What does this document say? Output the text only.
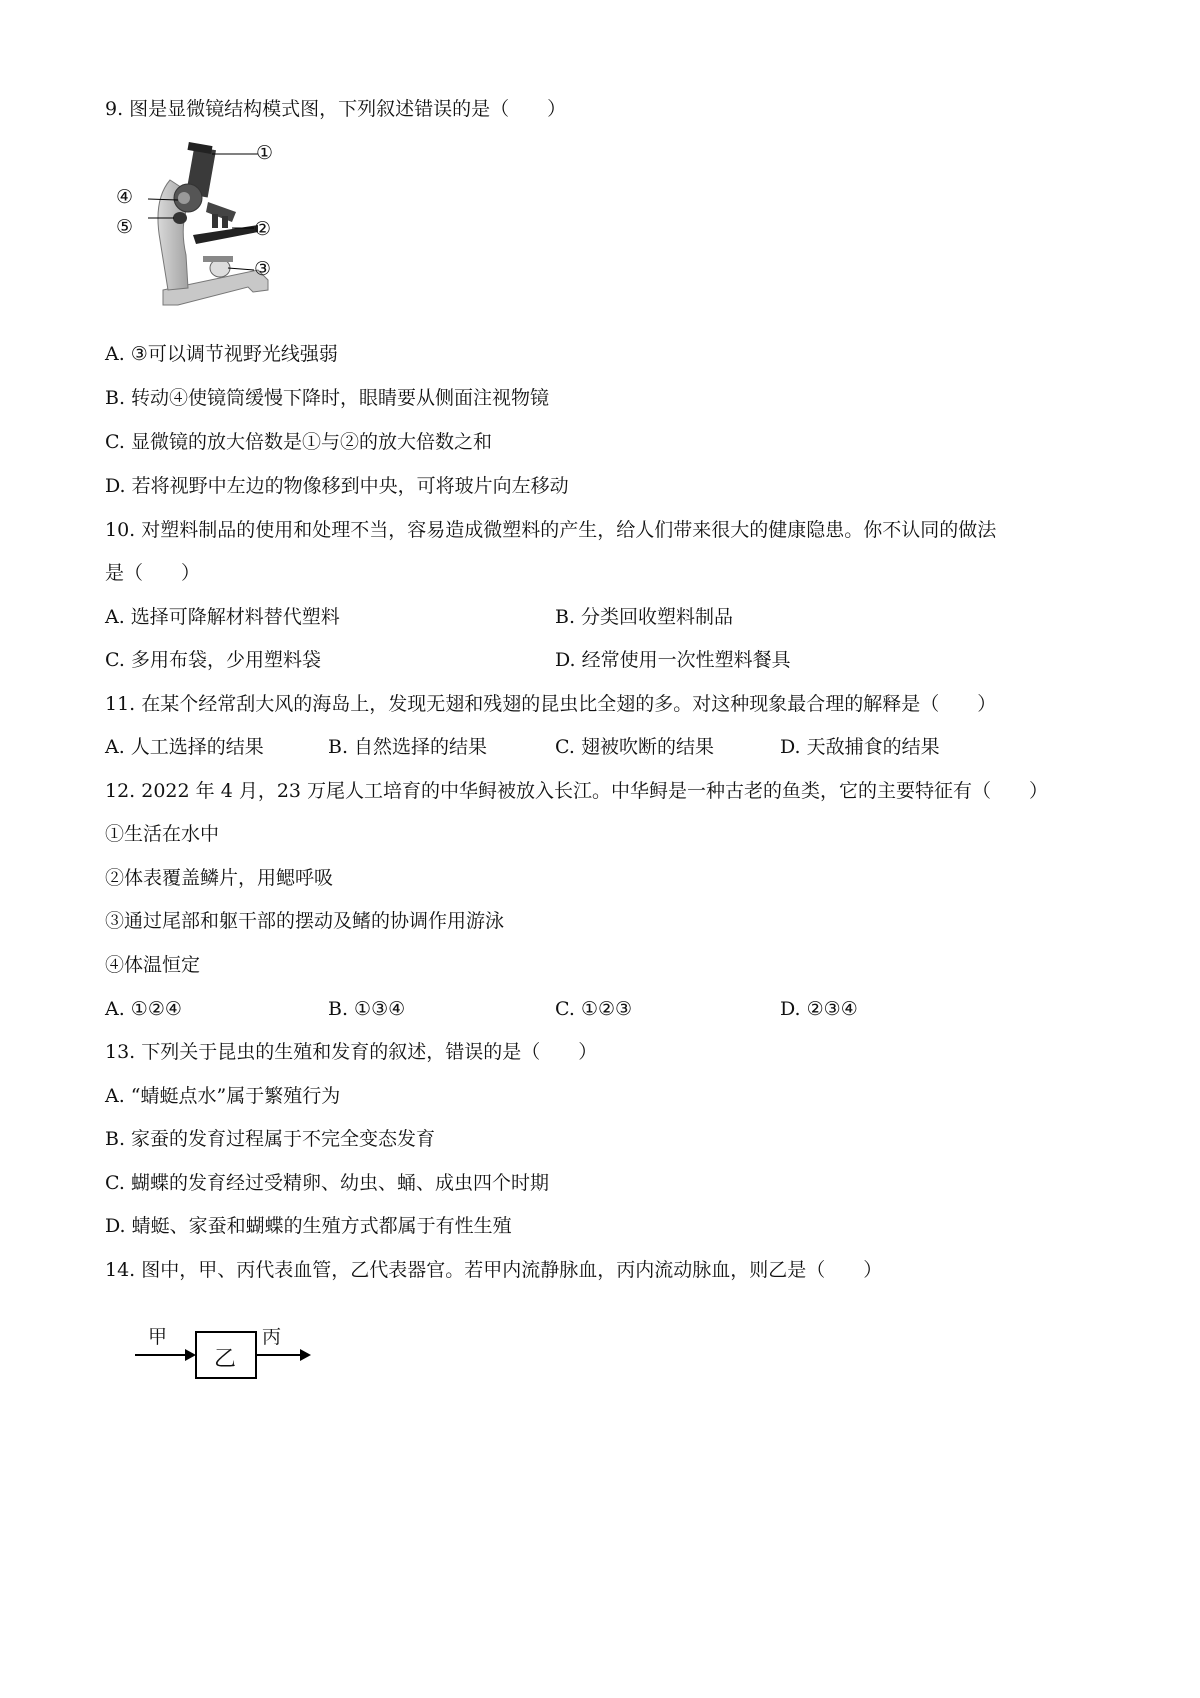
9. 图是显微镜结构模式图，下列叙述错误的是（　　）
①
④
⑤	②
③
A. ③可以调节视野光线强弱
B. 转动④使镜筒缓慢下降时，眼睛要从侧面注视物镜
C. 显微镜的放大倍数是①与②的放大倍数之和
D. 若将视野中左边的物像移到中央，可将玻片向左移动
10. 对塑料制品的使用和处理不当，容易造成微塑料的产生，给人们带来很大的健康隐患。你不认同的做法
是（　　）
A. 选择可降解材料替代塑料	B. 分类回收塑料制品
C. 多用布袋，少用塑料袋	D. 经常使用一次性塑料餐具
11. 在某个经常刮大风的海岛上，发现无翅和残翅的昆虫比全翅的多。对这种现象最合理的解释是（　　）
A. 人工选择的结果	B. 自然选择的结果	C. 翅被吹断的结果	D. 天敌捕食的结果
12. 2022 年 4 月，23 万尾人工培育的中华鲟被放入长江。中华鲟是一种古老的鱼类，它的主要特征有（　　）
①生活在水中
②体表覆盖鳞片，用鳃呼吸
③通过尾部和躯干部的摆动及鳍的协调作用游泳
④体温恒定
A. ①②④	B. ①③④	C. ①②③	D. ②③④
13. 下列关于昆虫的生殖和发育的叙述，错误的是（　　）
A. “蜻蜓点水”属于繁殖行为
B. 家蚕的发育过程属于不完全变态发育
C. 蝴蝶的发育经过受精卵、幼虫、蛹、成虫四个时期
D. 蜻蜓、家蚕和蝴蝶的生殖方式都属于有性生殖
14. 图中，甲、丙代表血管，乙代表器官。若甲内流静脉血，丙内流动脉血，则乙是（　　）
甲
乙
丙
